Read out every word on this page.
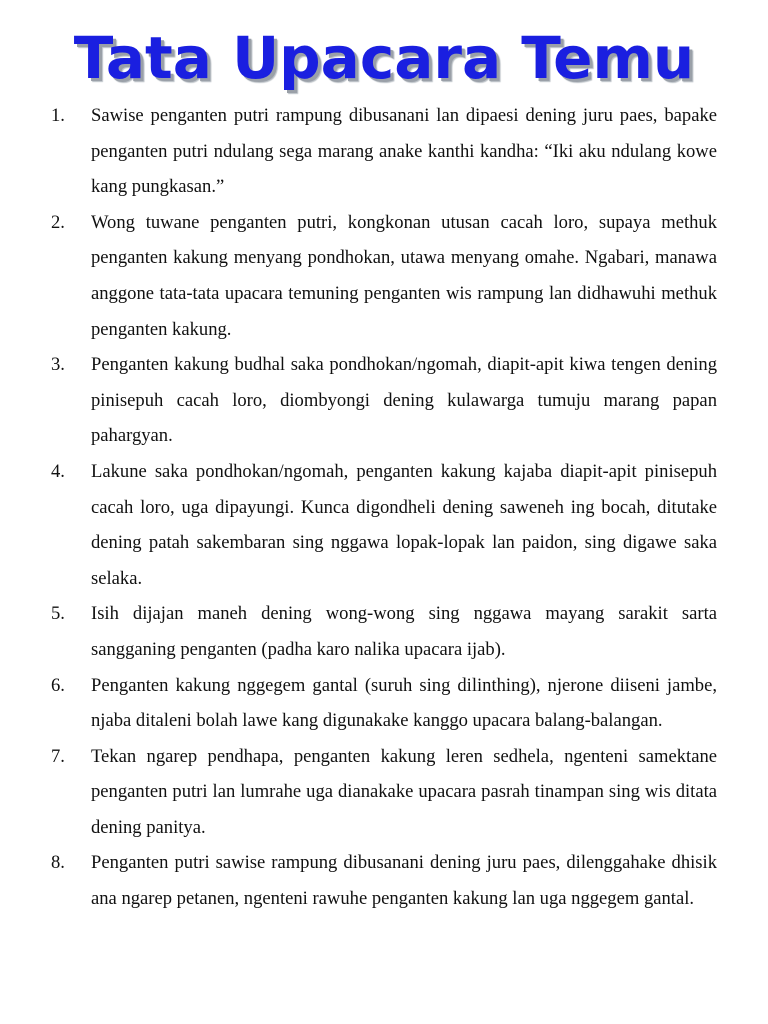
Tata Upacara Temu
1. Sawise penganten putri rampung dibusanani lan dipaesi dening juru paes, bapake penganten putri ndulang sega marang anake kanthi kandha: “Iki aku ndulang kowe kang pungkasan.”
2. Wong tuwane penganten putri, kongkonan utusan cacah loro, supaya methuk penganten kakung menyang pondhokan, utawa menyang omahe. Ngabari, manawa anggone tata-tata upacara temuning penganten wis rampung lan didhawuhi methuk penganten kakung.
3. Penganten kakung budhal saka pondhokan/ngomah, diapit-apit kiwa tengen dening pinisepuh cacah loro, diombyongi dening kulawarga tumuju marang papan pahargyan.
4. Lakune saka pondhokan/ngomah, penganten kakung kajaba diapit-apit pinisepuh cacah loro, uga dipayungi. Kunca digondheli dening saweneh ing bocah, ditutake dening patah sakembaran sing nggawa lopak-lopak lan paidon, sing digawe saka selaka.
5. Isih dijajan maneh dening wong-wong sing nggawa mayang sarakit sarta sangganing penganten (padha karo nalika upacara ijab).
6. Penganten kakung nggegem gantal (suruh sing dilinthing), njerone diiseni jambe, njaba ditaleni bolah lawe kang digunakake kanggo upacara balang-balangan.
7. Tekan ngarep pendhapa, penganten kakung leren sedhela, ngenteni samektane penganten putri lan lumrahe uga dianakake upacara pasrah tinampan sing wis ditata dening panitya.
8. Penganten putri sawise rampung dibusanani dening juru paes, dilenggahake dhisik ana ngarep petanen, ngenteni rawuhe penganten kakung lan uga nggegem gantal.
